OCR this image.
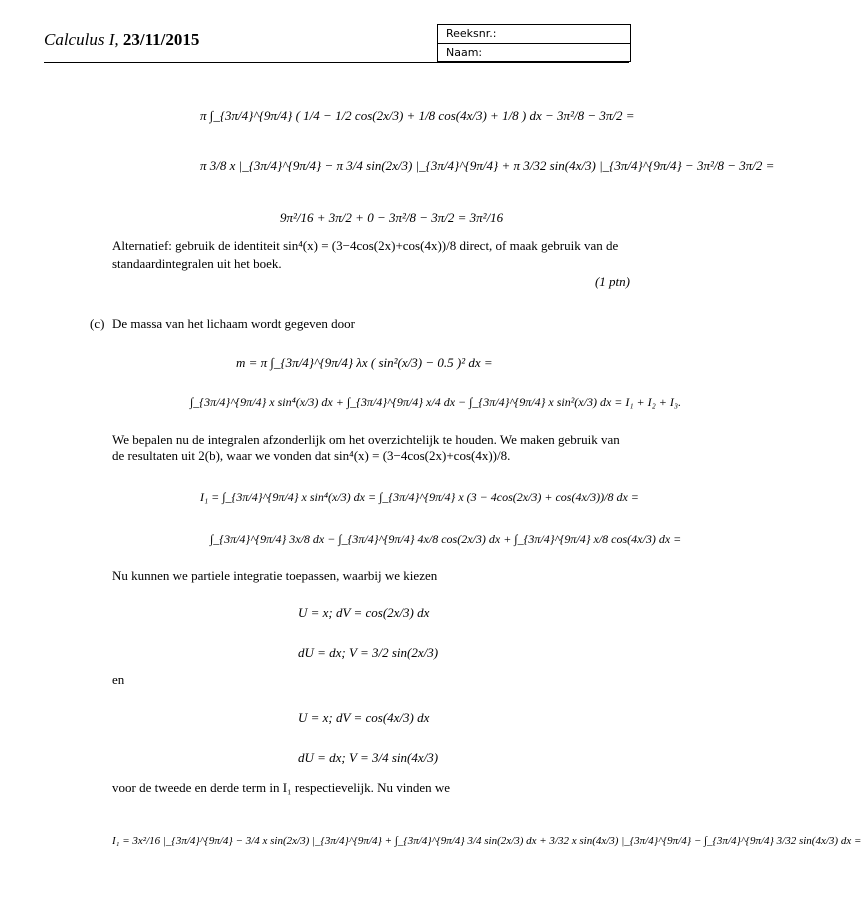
Calculus I, 23/11/2015	Reeksnr.:
Naam:
π ∫_{3π/4}^{9π/4} ( 1/4 − 1/2 cos(2x/3) + 1/8 cos(4x/3) + 1/8 ) dx − 3π²/8 − 3π/2 =
π 3/8 x |_{3π/4}^{9π/4} − π 3/4 sin(2x/3) |_{3π/4}^{9π/4} + π 3/32 sin(4x/3) |_{3π/4}^{9π/4} − 3π²/8 − 3π/2 =
9π²/16 + 3π/2 + 0 − 3π²/8 − 3π/2 = 3π²/16
Alternatief: gebruik de identiteit sin⁴(x) = (3−4cos(2x)+cos(4x))/8 direct, of maak gebruik van de
standaardintegralen uit het boek.
(1 ptn)
(c) De massa van het lichaam wordt gegeven door
m = π ∫_{3π/4}^{9π/4} λx ( sin²(x/3) − 0.5 )² dx =
∫_{3π/4}^{9π/4} x sin⁴(x/3) dx + ∫_{3π/4}^{9π/4} x/4 dx − ∫_{3π/4}^{9π/4} x sin²(x/3) dx = I₁ + I₂ + I₃.
We bepalen nu de integralen afzonderlijk om het overzichtelijk te houden. We maken gebruik van
de resultaten uit 2(b), waar we vonden dat sin⁴(x) = (3−4cos(2x)+cos(4x))/8.
I₁ = ∫_{3π/4}^{9π/4} x sin⁴(x/3) dx = ∫_{3π/4}^{9π/4} x (3 − 4cos(2x/3) + cos(4x/3))/8 dx =
∫_{3π/4}^{9π/4} 3x/8 dx − ∫_{3π/4}^{9π/4} 4x/8 cos(2x/3) dx + ∫_{3π/4}^{9π/4} x/8 cos(4x/3) dx =
Nu kunnen we partiele integratie toepassen, waarbij we kiezen
U = x; dV = cos(2x/3) dx
dU = dx; V = 3/2 sin(2x/3)
en
U = x; dV = cos(4x/3) dx
dU = dx; V = 3/4 sin(4x/3)
voor de tweede en derde term in I₁ respectievelijk. Nu vinden we
I₁ = 3x²/16 |_{3π/4}^{9π/4} − 3/4 x sin(2x/3) |_{3π/4}^{9π/4} + ∫_{3π/4}^{9π/4} 3/4 sin(2x/3) dx + 3/32 x sin(4x/3) |_{3π/4}^{9π/4} − ∫_{3π/4}^{9π/4} 3/32 sin(4x/3) dx =
